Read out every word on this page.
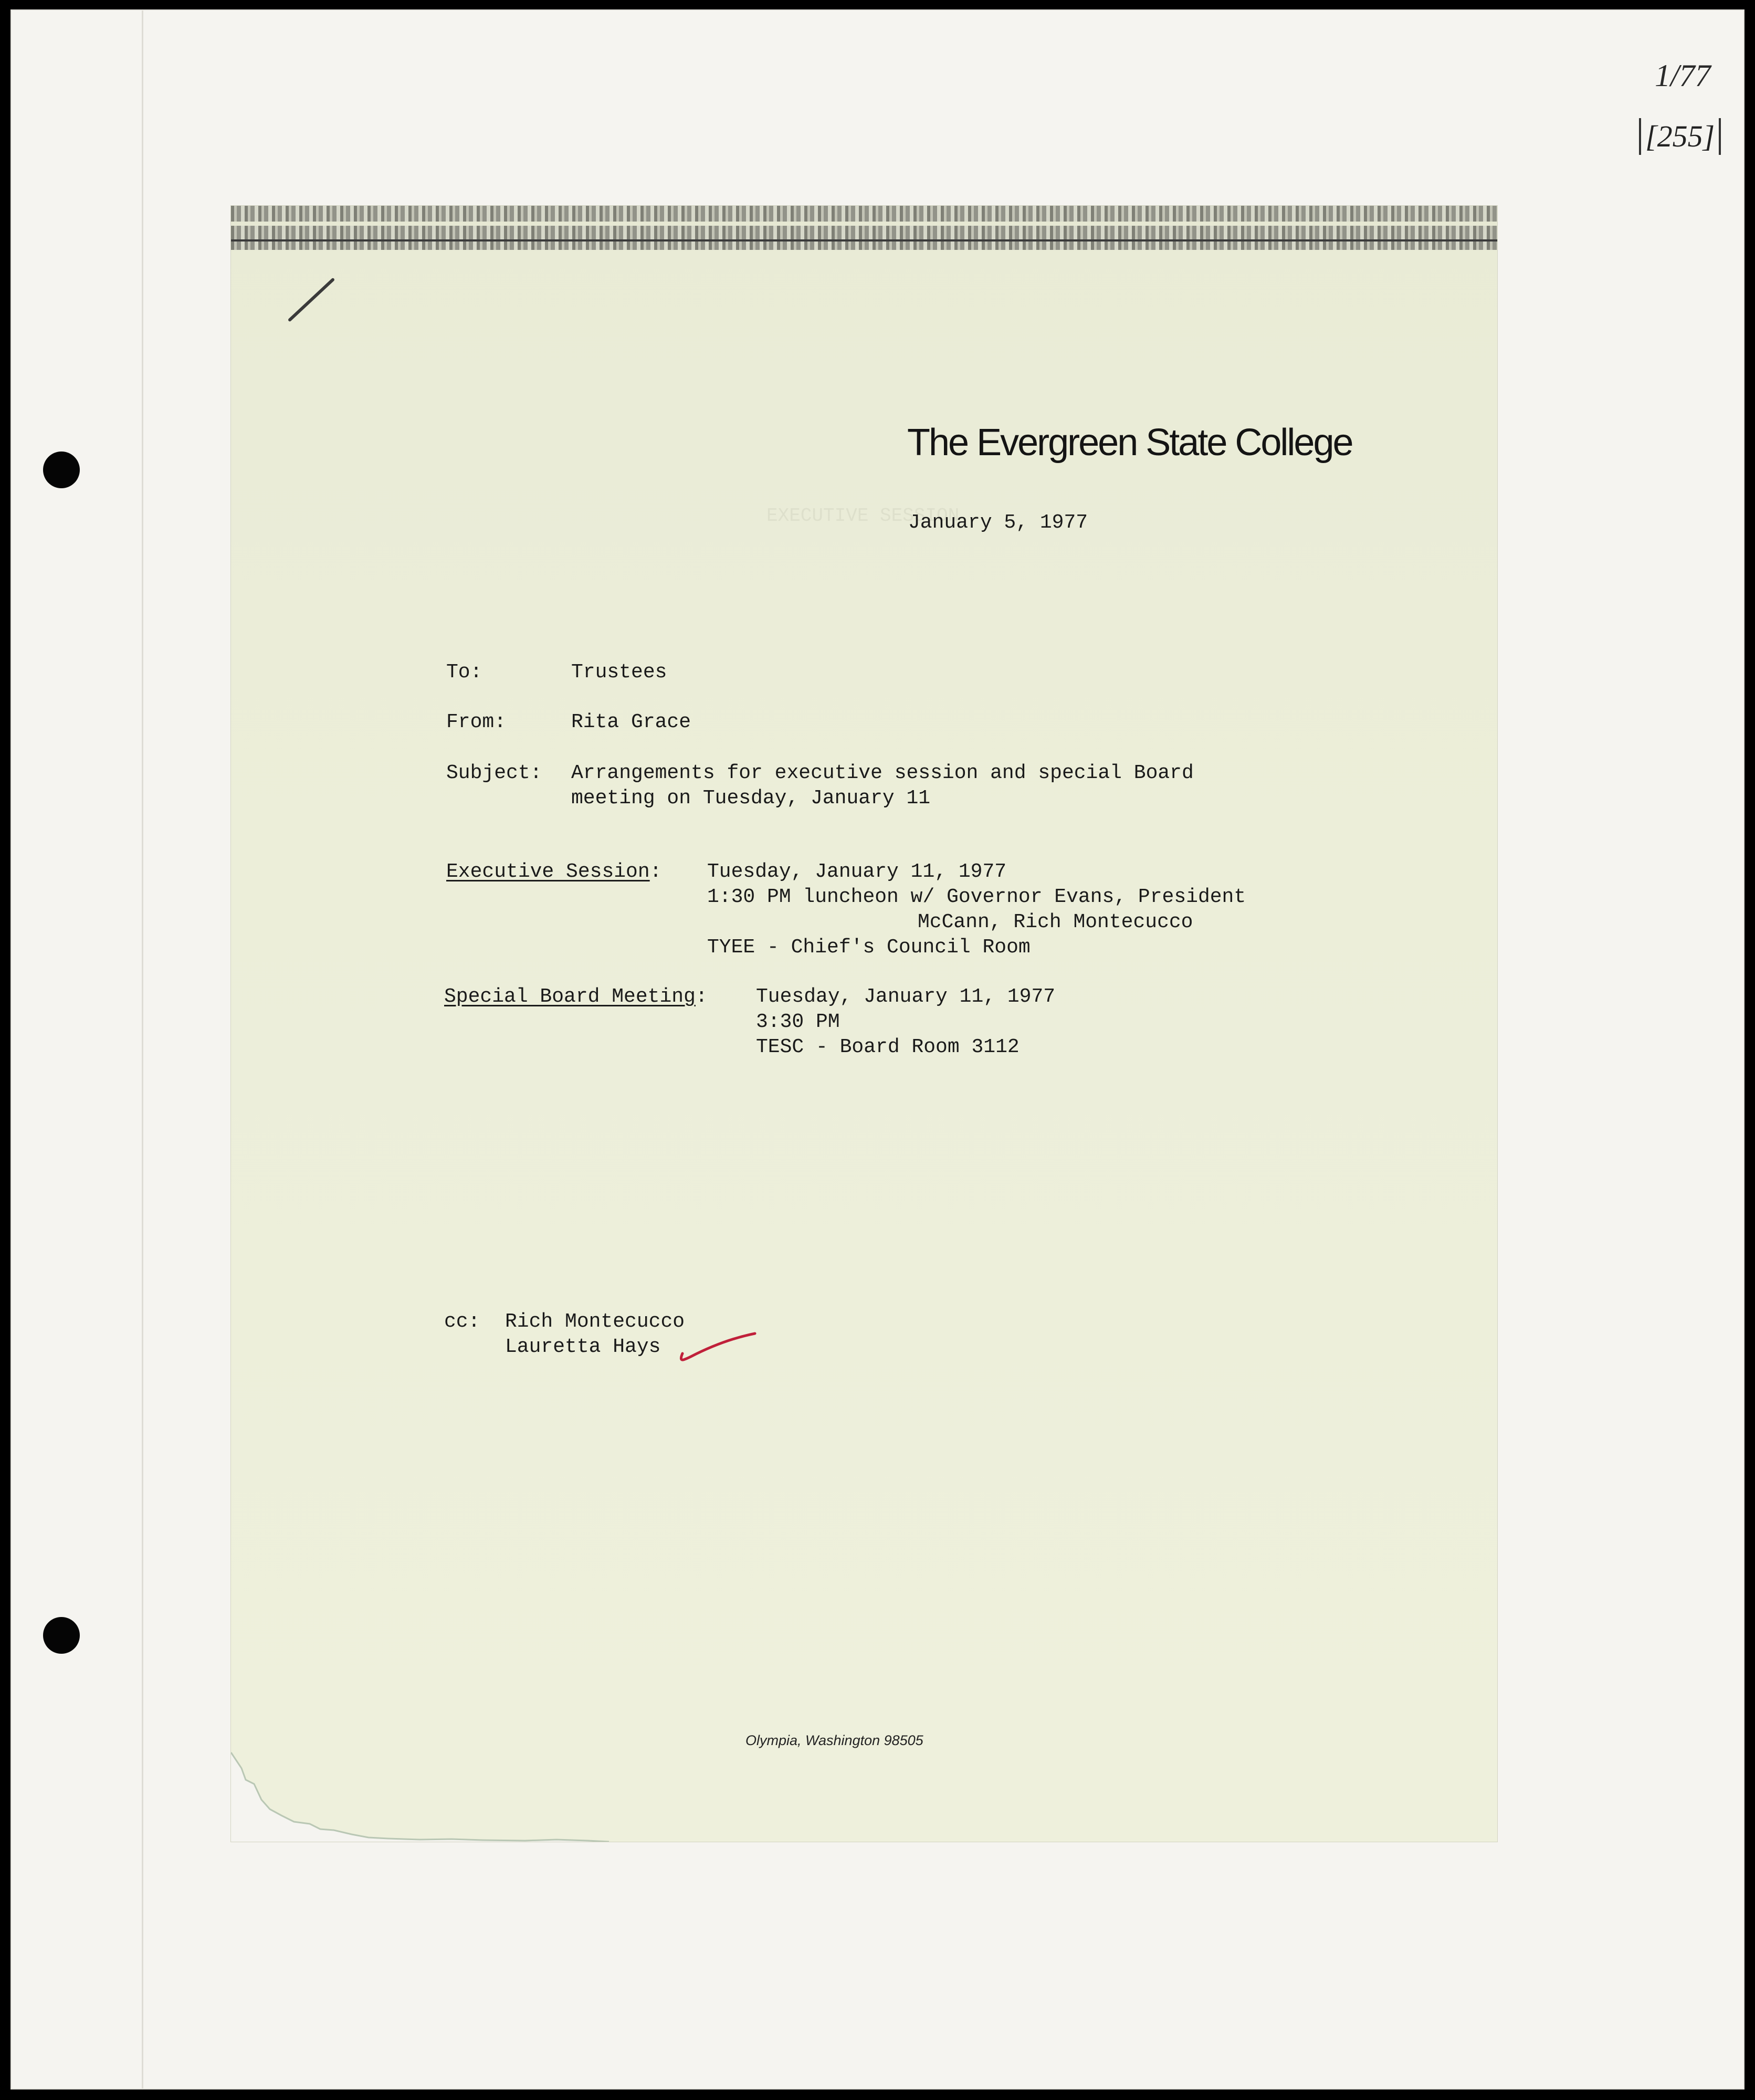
1/77
[255]
EXECUTIVE SESSION
The Evergreen State College
January 5, 1977
To:	Trustees
From:	Rita Grace
Subject: Arrangements for executive session and special Board
meeting on Tuesday, January 11
Executive Session: Tuesday, January 11, 1977
1:30 PM luncheon w/ Governor Evans, President
McCann, Rich Montecucco
TYEE - Chief's Council Room
Special Board Meeting: Tuesday, January 11, 1977
3:30 PM
TESC - Board Room 3112
cc: Rich Montecucco
Lauretta Hays
Olympia, Washington 98505
